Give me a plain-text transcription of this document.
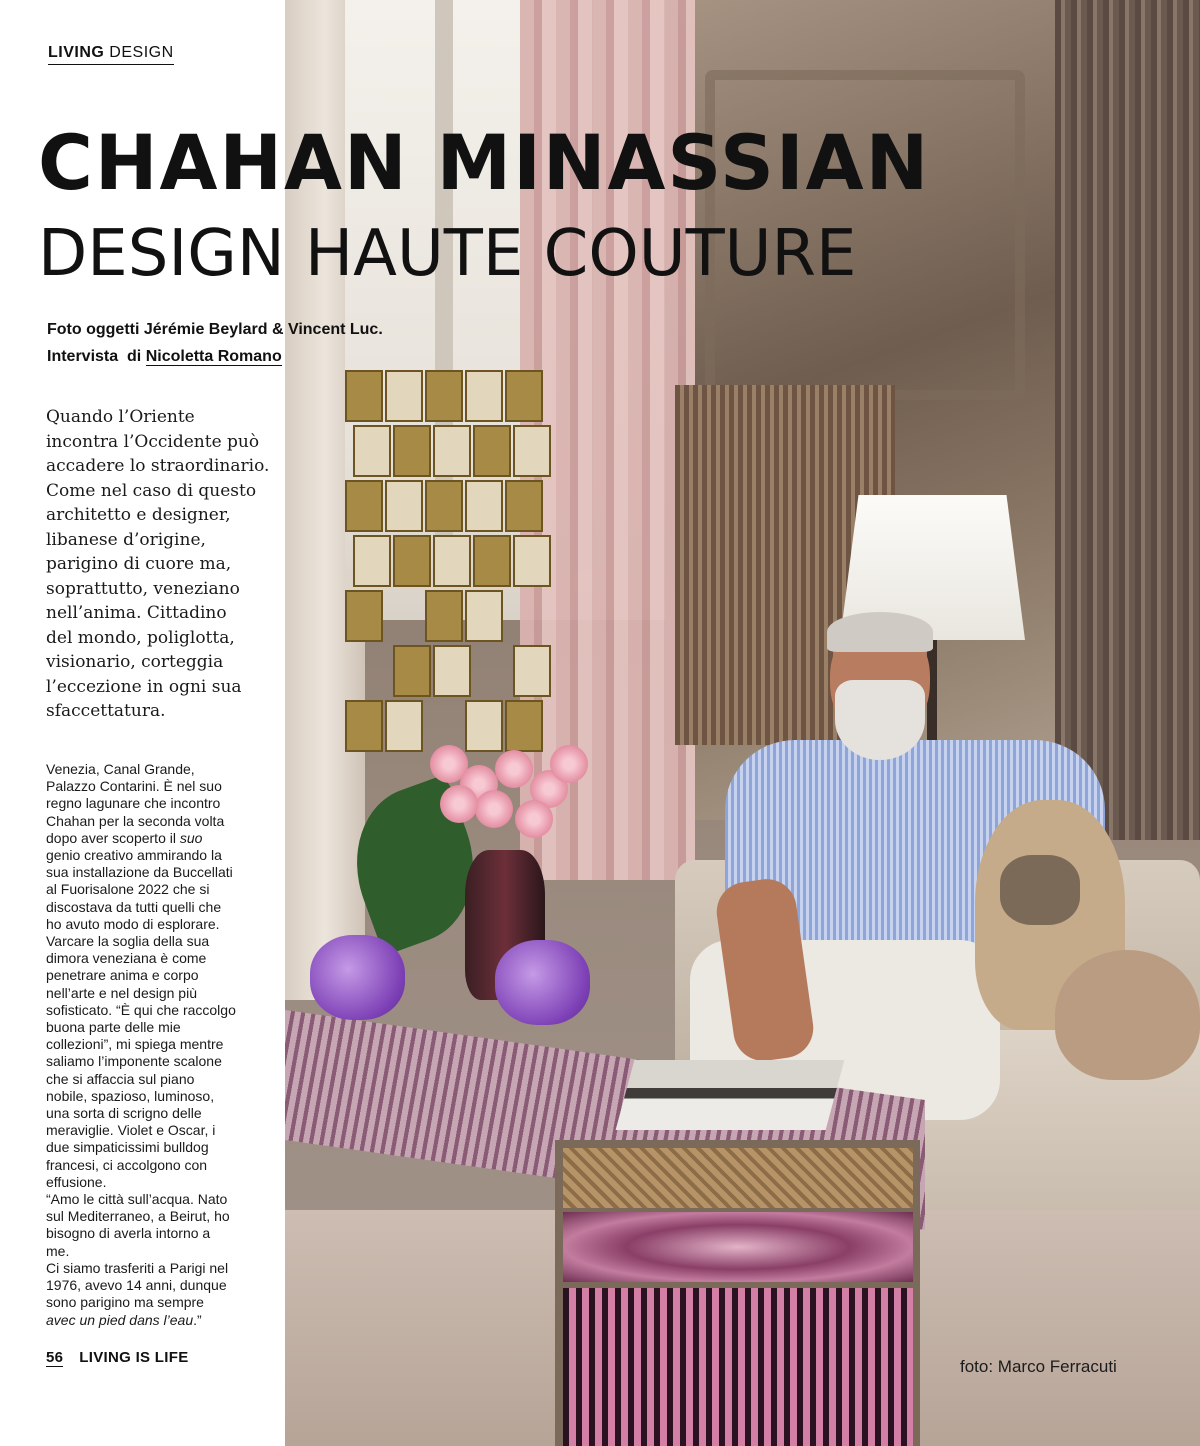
foto: Marco Ferracuti
LIVING DESIGN
CHAHAN MINASSIAN
DESIGN HAUTE COUTURE
Foto oggetti Jérémie Beylard & Vincent Luc.
Intervista  di Nicoletta Romano
Quando l’Oriente
incontra l’Occidente può
accadere lo straordinario.
Come nel caso di questo
architetto e designer,
libanese d’origine,
parigino di cuore ma,
soprattutto, veneziano
nell’anima. Cittadino
del mondo, poliglotta,
visionario, corteggia
l’eccezione in ogni sua
sfaccettatura.
Venezia, Canal Grande,
Palazzo Contarini. È nel suo
regno lagunare che incontro
Chahan per la seconda volta
dopo aver scoperto il suo
genio creativo ammirando la
sua installazione da Buccellati
al Fuorisalone 2022 che si
discostava da tutti quelli che
ho avuto modo di esplorare.
Varcare la soglia della sua
dimora veneziana è come
penetrare anima e corpo
nell’arte e nel design più
sofisticato. “È qui che raccolgo
buona parte delle mie
collezioni”, mi spiega mentre
saliamo l’imponente scalone
che si affaccia sul piano
nobile, spazioso, luminoso,
una sorta di scrigno delle
meraviglie. Violet e Oscar, i
due simpaticissimi bulldog
francesi, ci accolgono con
effusione.
“Amo le città sull’acqua. Nato
sul Mediterraneo, a Beirut, ho
bisogno di averla intorno a
me.
Ci siamo trasferiti a Parigi nel
1976, avevo 14 anni, dunque
sono parigino ma sempre
avec un pied dans l’eau.”
56 LIVING IS LIFE
